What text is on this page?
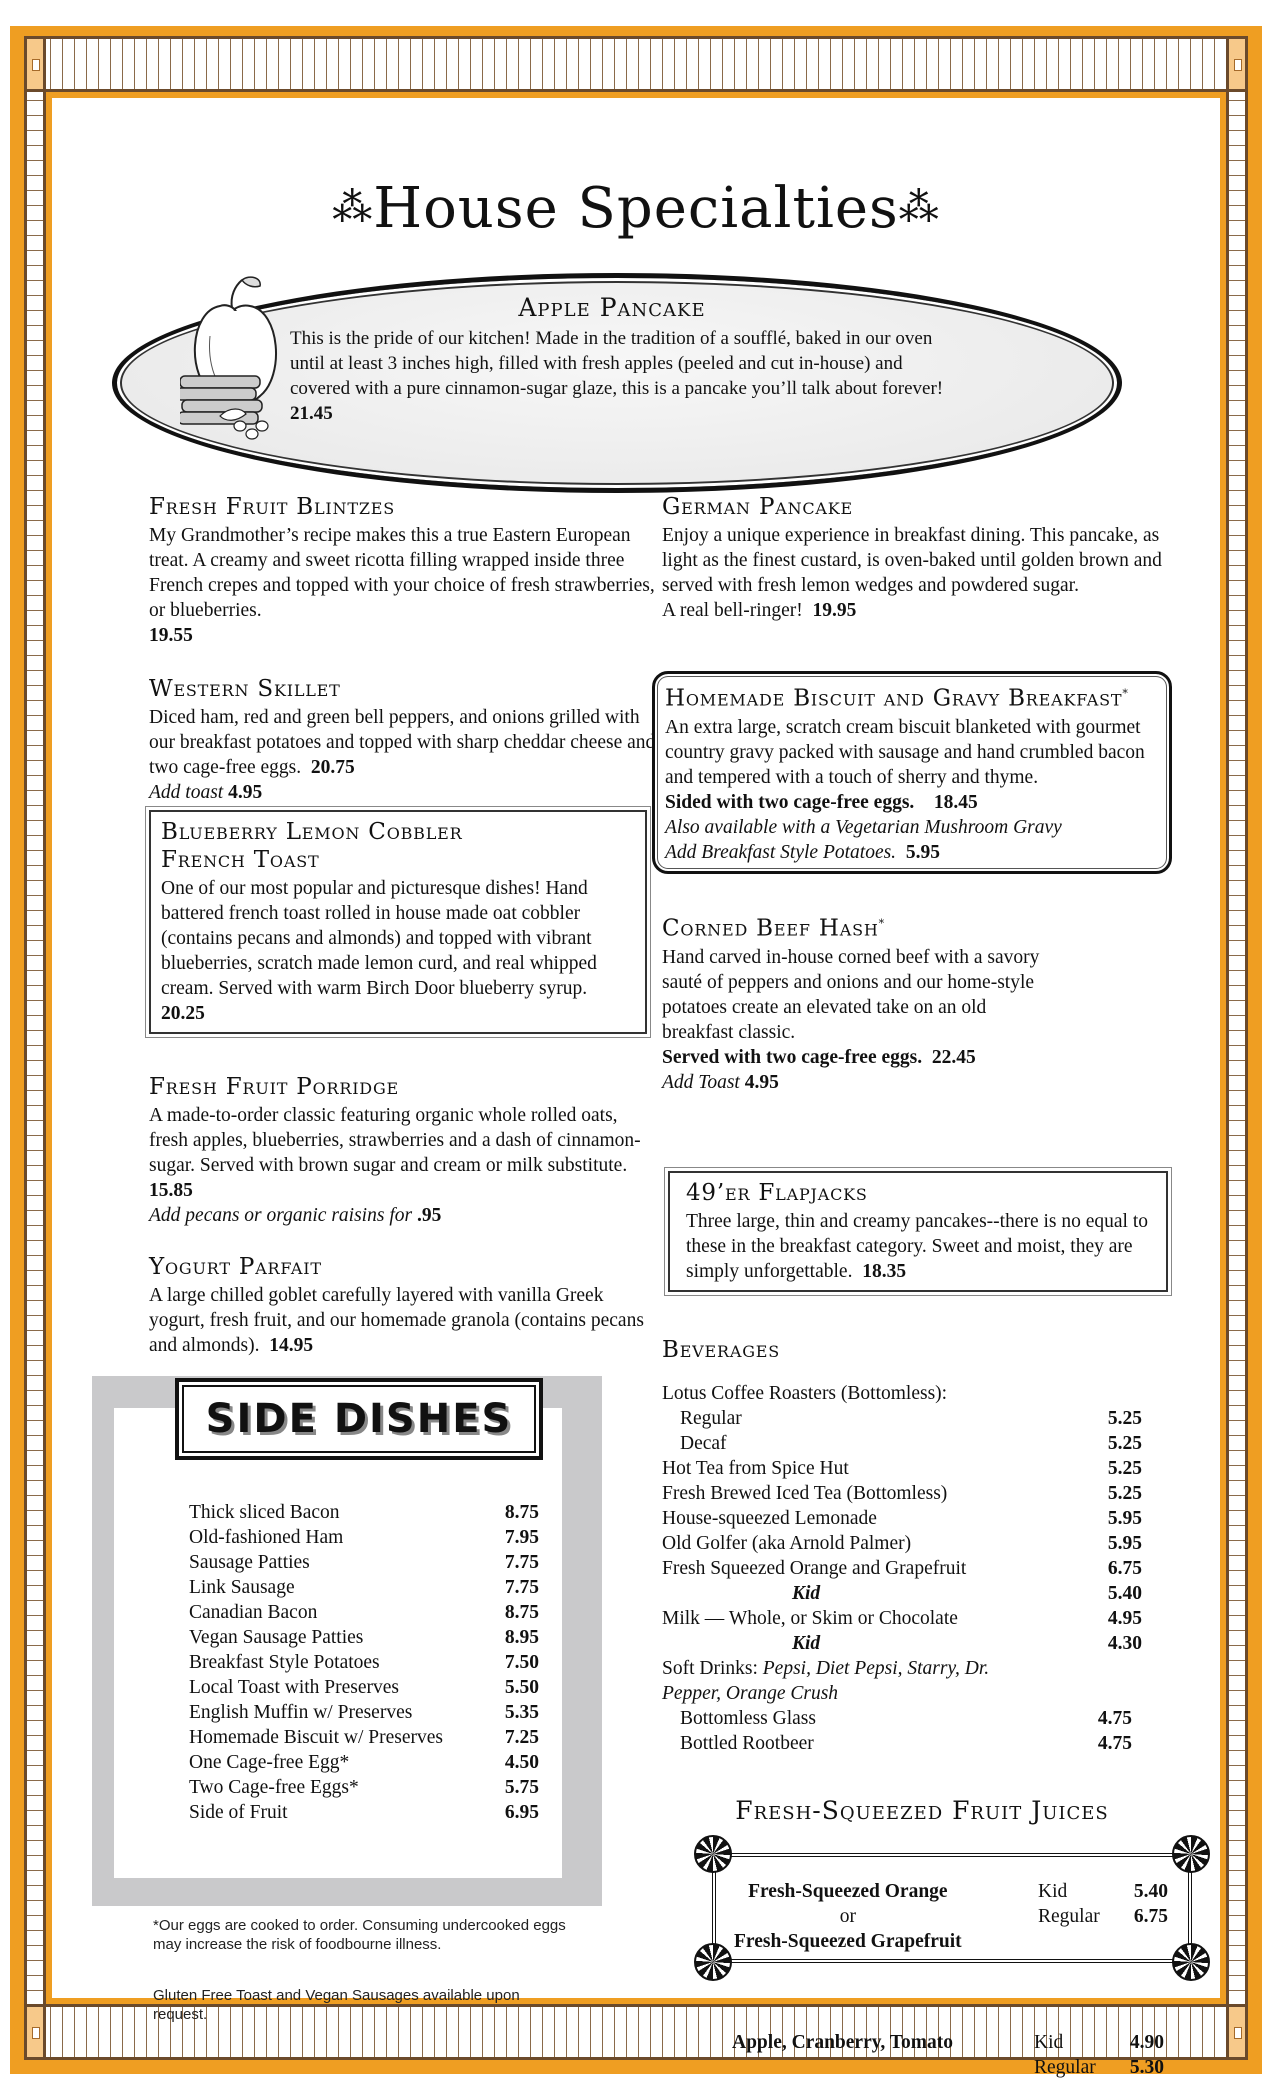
⁂House Specialties⁂
Apple Pancake
This is the pride of our kitchen! Made in the tradition of a soufflé, baked in our oven until at least 3 inches high, filled with fresh apples (peeled and cut in-house) and covered with a pure cinnamon-sugar glaze, this is a pancake you’ll talk about forever! 21.45
Fresh Fruit Blintzes
My Grandmother’s recipe makes this a true Eastern European treat. A creamy and sweet ricotta filling wrapped inside three French crepes and topped with your choice of fresh strawberries, or blueberries.
19.55
Western Skillet
Diced ham, red and green bell peppers, and onions grilled with our breakfast potatoes and topped with sharp cheddar cheese and two cage-free eggs. 20.75
Add toast 4.95
Blueberry Lemon Cobbler French Toast
One of our most popular and picturesque dishes! Hand battered french toast rolled in house made oat cobbler (contains pecans and almonds) and topped with vibrant blueberries, scratch made lemon curd, and real whipped cream. Served with warm Birch Door blueberry syrup.  20.25
Fresh Fruit Porridge
A made-to-order classic featuring organic whole rolled oats, fresh apples, blueberries, strawberries and a dash of cinnamon-sugar. Served with brown sugar and cream or milk substitute.  15.85
Add pecans or organic raisins for .95
Yogurt Parfait
A large chilled goblet carefully layered with vanilla Greek yogurt, fresh fruit, and our homemade granola (contains pecans and almonds). 14.95
SIDE DISHES
Thick sliced Bacon	8.75
Old-fashioned Ham	7.95
Sausage Patties	7.75
Link Sausage	7.75
Canadian Bacon	8.75
Vegan Sausage Patties	8.95
Breakfast Style Potatoes	7.50
Local Toast with Preserves	5.50
English Muffin w/ Preserves	5.35
Homemade Biscuit w/ Preserves	7.25
One Cage-free Egg*	4.50
Two Cage-free Eggs*	5.75
Side of Fruit	6.95
*Our eggs are cooked to order. Consuming undercooked eggs may increase the risk of foodbourne illness.
Gluten Free Toast and Vegan Sausages available upon request.
German Pancake
Enjoy a unique experience in breakfast dining. This pancake, as light as the finest custard, is oven-baked until golden brown and served with fresh lemon wedges and powdered sugar.
A real bell-ringer! 19.95
Homemade Biscuit and Gravy Breakfast*
An extra large, scratch cream biscuit blanketed with gourmet country gravy packed with sausage and hand crumbled bacon and tempered with a touch of sherry and thyme.
Sided with two cage-free eggs. 18.45
Also available with a Vegetarian Mushroom Gravy
Add Breakfast Style Potatoes. 5.95
Corned Beef Hash*
Hand carved in-house corned beef with a savory sauté of peppers and onions and our home-style potatoes create an elevated take on an old breakfast classic.
Served with two cage-free eggs. 22.45
Add Toast 4.95
49’er Flapjacks
Three large, thin and creamy pancakes--there is no equal to these in the breakfast category. Sweet and moist, they are simply unforgettable. 18.35
Beverages
Lotus Coffee Roasters (Bottomless):
Regular	5.25
Decaf	5.25
Hot Tea from Spice Hut	5.25
Fresh Brewed Iced Tea (Bottomless)	5.25
House-squeezed Lemonade	5.95
Old Golfer (aka Arnold Palmer)	5.95
Fresh Squeezed Orange and Grapefruit	6.75
Kid	5.40
Milk — Whole, or Skim or Chocolate	4.95
Kid	4.30
Soft Drinks: Pepsi, Diet Pepsi, Starry, Dr. Pepper, Orange Crush
Bottomless Glass	4.75
Bottled Rootbeer	4.75
Fresh-Squeezed Fruit Juices
Fresh-Squeezed Orange
or
Fresh-Squeezed Grapefruit
Kid	5.40
Regular 6.75
Apple, Cranberry, Tomato	Kid	4.90
Regular 5.30
